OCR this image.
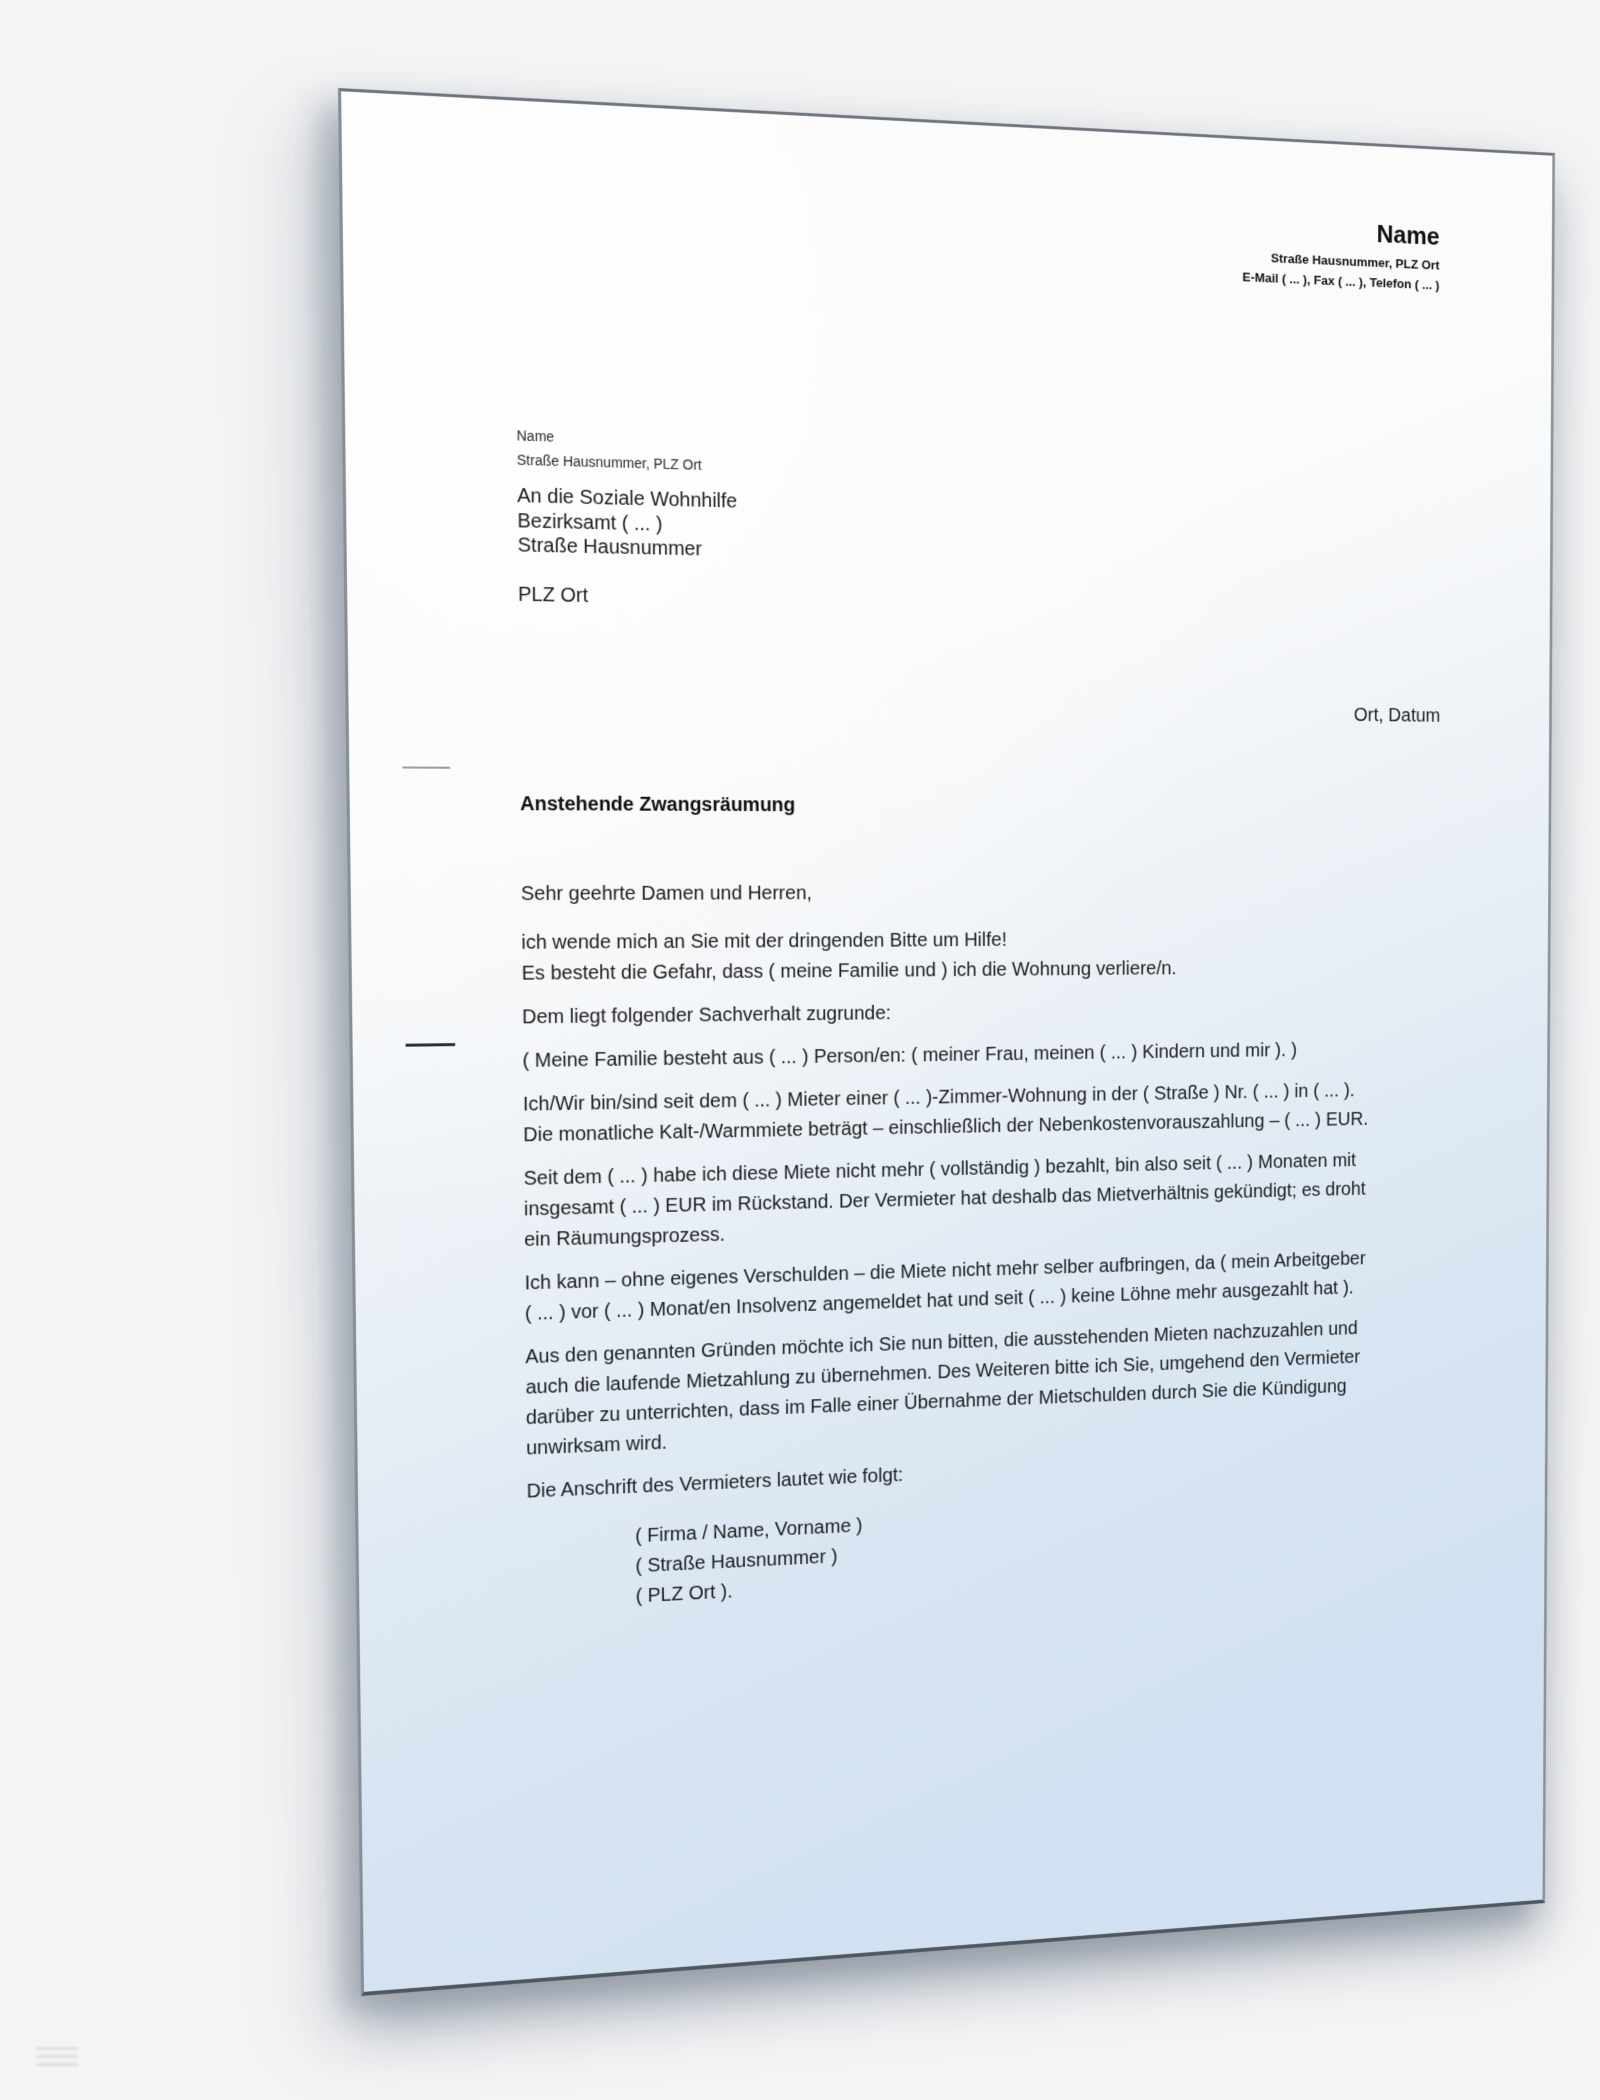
Name
Straße Hausnummer, PLZ Ort
E-Mail ( ... ), Fax ( ... ), Telefon ( ... )
Name
Straße Hausnummer, PLZ Ort
An die Soziale Wohnhilfe
Bezirksamt ( ... )
Straße Hausnummer

PLZ Ort
Ort, Datum
Anstehende Zwangsräumung

Sehr geehrte Damen und Herren,

ich wende mich an Sie mit der dringenden Bitte um Hilfe!
Es besteht die Gefahr, dass ( meine Familie und ) ich die Wohnung verliere/n.

Dem liegt folgender Sachverhalt zugrunde:

( Meine Familie besteht aus ( ... ) Person/en: ( meiner Frau, meinen ( ... ) Kindern und mir ). )

Ich/Wir bin/sind seit dem ( ... ) Mieter einer ( ... )-Zimmer-Wohnung in der ( Straße ) Nr. ( ... ) in ( ... ).
Die monatliche Kalt-/Warmmiete beträgt – einschließlich der Nebenkostenvorauszahlung – ( ... ) EUR.

Seit dem ( ... ) habe ich diese Miete nicht mehr ( vollständig ) bezahlt, bin also seit ( ... ) Monaten mit
insgesamt ( ... ) EUR im Rückstand. Der Vermieter hat deshalb das Mietverhältnis gekündigt; es droht
ein Räumungsprozess.

Ich kann – ohne eigenes Verschulden – die Miete nicht mehr selber aufbringen, da ( mein Arbeitgeber
( ... ) vor ( ... ) Monat/en Insolvenz angemeldet hat und seit ( ... ) keine Löhne mehr ausgezahlt hat ).

Aus den genannten Gründen möchte ich Sie nun bitten, die ausstehenden Mieten nachzuzahlen und
auch die laufende Mietzahlung zu übernehmen. Des Weiteren bitte ich Sie, umgehend den Vermieter
darüber zu unterrichten, dass im Falle einer Übernahme der Mietschulden durch Sie die Kündigung
unwirksam wird.

Die Anschrift des Vermieters lautet wie folgt:

( Firma / Name, Vorname )
( Straße Hausnummer )
( PLZ Ort ).
